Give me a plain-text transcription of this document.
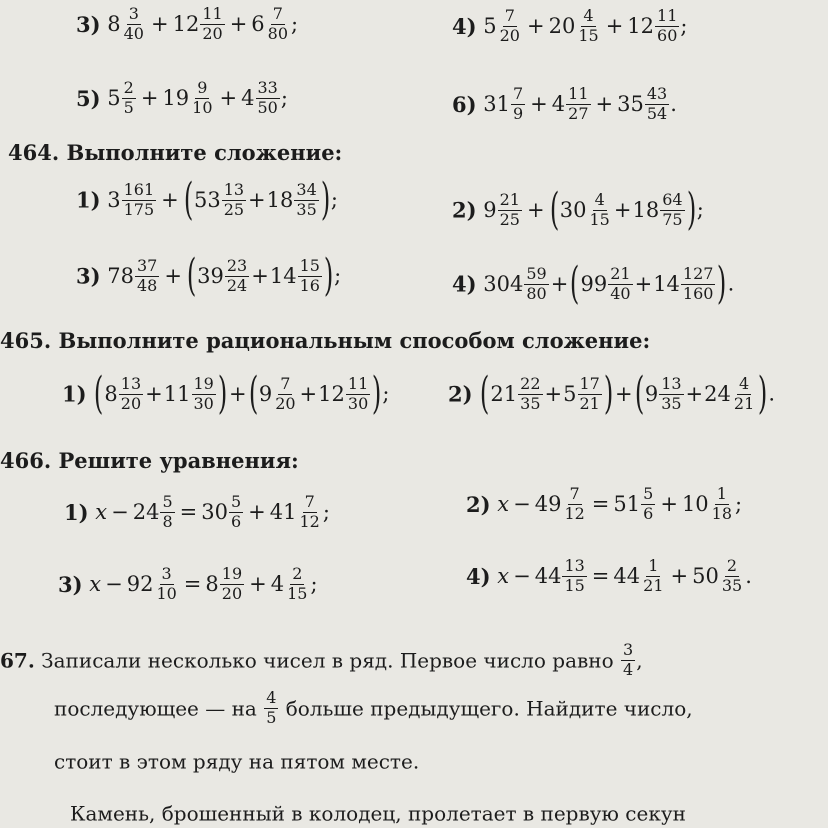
3) $8 \frac{3}{40} + 12 \frac{11}{20} + 6 \frac{7}{80}$ ;	4) $5 \frac{7}{20} + 20 \frac{4}{15} + 12 \frac{11}{60}$ ;
5) $5 \frac{2}{5} + 19 \frac{9}{10} + 4 \frac{33}{50}$ ;	6) $31 \frac{7}{9} + 4 \frac{11}{27} + 35 \frac{43}{54}$ .
464. Выполните сложение:
1) $3 \frac{161}{175} + (53 \frac{13}{25} +18 \frac{34}{35}$ );	2) $9 \frac{21}{25} + (30 \frac{4}{15} +18 \frac{64}{75}$ );
3) $78 \frac{37}{48} + (39 \frac{23}{24} +14 \frac{15}{16}$ );	4) $304 \frac{59}{80} +(99 \frac{21}{40} +14 \frac{127}{160}$ ).
465. Выполните рациональным способом сложение:
1) $(8 \frac{13}{20} +11 \frac{19}{30} )+(9 \frac{7}{20} +12 \frac{11}{30}$ );	2) $(21 \frac{22}{35} +5 \frac{17}{21} )+(9 \frac{13}{35} +24 \frac{4}{21}$ ).
466. Решите уравнения:
1) $x - 24 \frac{5}{8} = 30 \frac{5}{6} + 41 \frac{7}{12}$ ;	2) $x - 49 \frac{7}{12} = 51 \frac{5}{6} + 10 \frac{1}{18}$ ;
3) $x - 92 \frac{3}{10} = 8 \frac{19}{20} + 4 \frac{2}{15}$ ;	4) $x - 44 \frac{13}{15} = 44 \frac{1}{21} + 50 \frac{2}{35}$ .
67. Записали несколько чисел в ряд. Первое число равно $\frac{3}{4}$ ,
последующее — на $\frac{4}{5}$ больше предыдущего. Найдите число,
стоит в этом ряду на пятом месте.
Камень, брошенный в колодец, пролетает в первую секун
